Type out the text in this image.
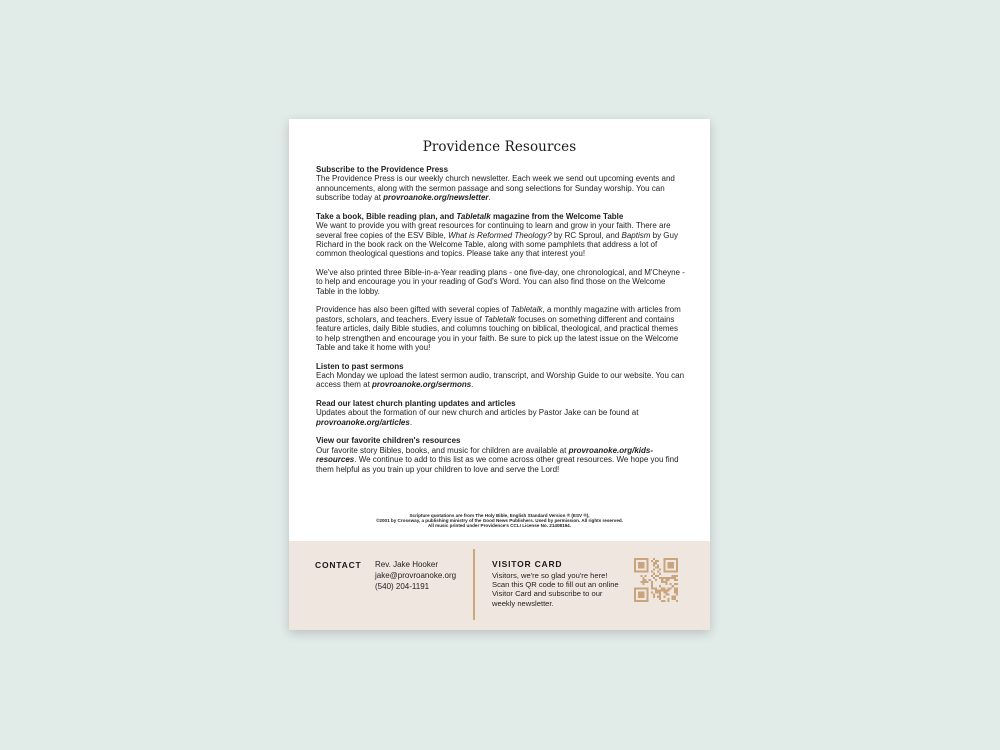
Providence Resources
Subscribe to the Providence Press

The Providence Press is our weekly church newsletter. Each week we send out upcoming events and announcements, along with the sermon passage and song selections for Sunday worship. You can subscribe today at provroanoke.org/newsletter.

Take a book, Bible reading plan, and Tabletalk magazine from the Welcome Table

We want to provide you with great resources for continuing to learn and grow in your faith. There are several free copies of the ESV Bible, What is Reformed Theology? by RC Sproul, and Baptism by Guy Richard in the book rack on the Welcome Table, along with some pamphlets that address a lot of common theological questions and topics. Please take any that interest you!

We've also printed three Bible-in-a-Year reading plans - one five-day, one chronological, and M'Cheyne - to help and encourage you in your reading of God's Word. You can also find those on the Welcome Table in the lobby.

Providence has also been gifted with several copies of Tabletalk, a monthly magazine with articles from pastors, scholars, and teachers. Every issue of Tabletalk focuses on something different and contains feature articles, daily Bible studies, and columns touching on biblical, theological, and practical themes to help strengthen and encourage you in your faith. Be sure to pick up the latest issue on the Welcome Table and take it home with you!

Listen to past sermons

Each Monday we upload the latest sermon audio, transcript, and Worship Guide to our website. You can access them at provroanoke.org/sermons.

Read our latest church planting updates and articles

Updates about the formation of our new church and articles by Pastor Jake can be found at provroanoke.org/articles.

View our favorite children's resources

Our favorite story Bibles, books, and music for children are available at provroanoke.org/kids-resources. We continue to add to this list as we come across other great resources. We hope you find them helpful as you train up your children to love and serve the Lord!

Scripture quotations are from The Holy Bible, English Standard Version ® (ESV ®),
©2001 by Crossway, a publishing ministry of the Good News Publishers. Used by permission. All rights reserved.
All music printed under Providence's CCLI License No. 21408194.
CONTACT Rev. Jake Hooker
jake@provroanoke.org
(540) 204-1191
VISITOR CARD
Visitors, we're so glad you're here! Scan this QR code to fill out an online Visitor Card and subscribe to our weekly newsletter.
